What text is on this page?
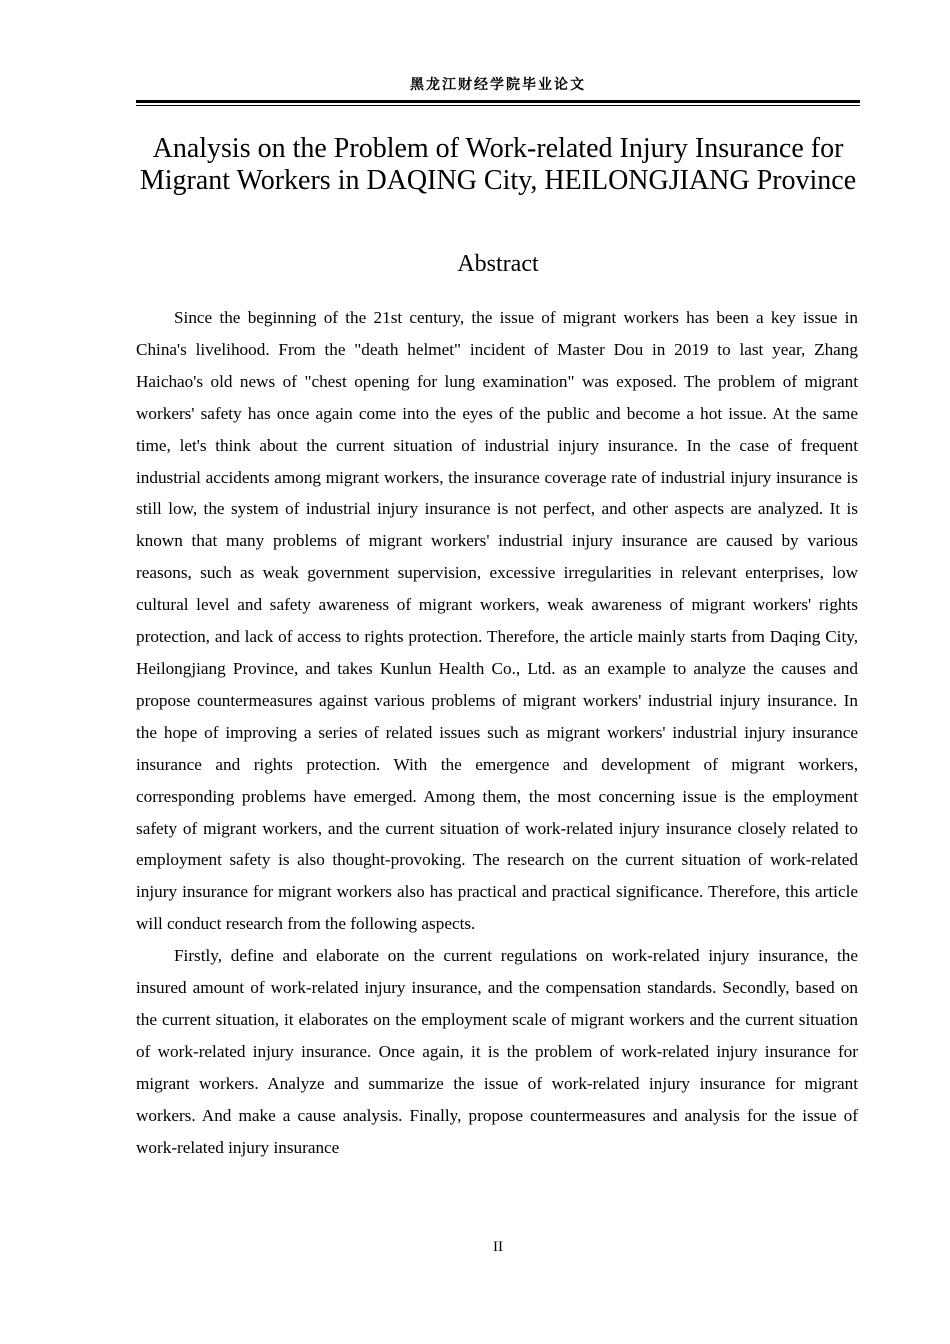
黑龙江财经学院毕业论文
Analysis on the Problem of Work-related Injury Insurance for Migrant Workers in DAQING City, HEILONGJIANG Province
Abstract

Since the beginning of the 21st century, the issue of migrant workers has been a key issue in China's livelihood. From the "death helmet" incident of Master Dou in 2019 to last year, Zhang Haichao's old news of "chest opening for lung examination" was exposed. The problem of migrant workers' safety has once again come into the eyes of the public and become a hot issue. At the same time, let's think about the current situation of industrial injury insurance. In the case of frequent industrial accidents among migrant workers, the insurance coverage rate of industrial injury insurance is still low, the system of industrial injury insurance is not perfect, and other aspects are analyzed. It is known that many problems of migrant workers' industrial injury insurance are caused by various reasons, such as weak government supervision, excessive irregularities in relevant enterprises, low cultural level and safety awareness of migrant workers, weak awareness of migrant workers' rights protection, and lack of access to rights protection. Therefore, the article mainly starts from Daqing City, Heilongjiang Province, and takes Kunlun Health Co., Ltd. as an example to analyze the causes and propose countermeasures against various problems of migrant workers' industrial injury insurance. In the hope of improving a series of related issues such as migrant workers' industrial injury insurance insurance and rights protection. With the emergence and development of migrant workers, corresponding problems have emerged. Among them, the most concerning issue is the employment safety of migrant workers, and the current situation of work-related injury insurance closely related to employment safety is also thought-provoking. The research on the current situation of work-related injury insurance for migrant workers also has practical and practical significance. Therefore, this article will conduct research from the following aspects.

Firstly, define and elaborate on the current regulations on work-related injury insurance, the insured amount of work-related injury insurance, and the compensation standards. Secondly, based on the current situation, it elaborates on the employment scale of migrant workers and the current situation of work-related injury insurance. Once again, it is the problem of work-related injury insurance for migrant workers. Analyze and summarize the issue of work-related injury insurance for migrant workers. And make a cause analysis. Finally, propose countermeasures and analysis for the issue of work-related injury insurance

II
